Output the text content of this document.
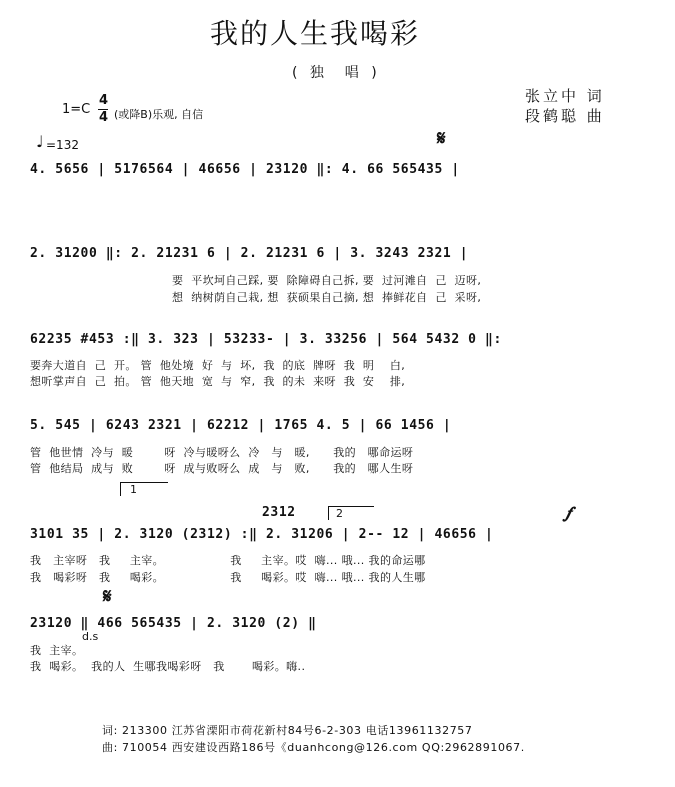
我的人生我喝彩
( 独  唱 )
张立中 词
段鹤聪 曲
1=C
4
4 (或降B)乐观, 自信
♩ =132	𝄋
4. 5656 | 5176564 | 46656 | 23120 ‖: 4. 66 565435 |
2. 31200 ‖: 2. 21231 6 | 2. 21231 6 | 3. 3243 2321 |
要  平坎坷自己踩, 要  除障碍自己拆, 要  过河滩自  己  迈呀,
想  纳树荫自己栽, 想  获硕果自己摘, 想  捧鲜花自  己  采呀,
62235 #453 :‖ 3. 323 | 53233- | 3. 33256 | 564 5432 0 ‖:
要奔大道自  己  开。 管  他处境  好  与  坏,  我  的底  牌呀  我  明    白,
想听掌声自  己  拍。 管  他天地  宽  与  窄,  我  的未  来呀  我  安    排,
5. 545 | 6243 2321 | 62212 | 1765 4. 5 | 66 1456 |
管  他世情  冷与  暖        呀  冷与暖呀么  冷   与   暖,      我的   哪命运呀
管  他结局  成与  败        呀  成与败呀么  成   与   败,      我的   哪人生呀
1
2
2312	𝆑
3101 35 | 2. 3120 (2312) :‖ 2. 31206 | 2-- 12 | 46656 |
我   主宰呀   我     主宰。                 我     主宰。哎  嗨... 哦... 我的命运哪
我   喝彩呀   我     喝彩。                 我     喝彩。哎  嗨... 哦... 我的人生哪
𝄋
23120 ‖ 466 565435 | 2. 3120 (2) ‖
d.s
我  主宰。
我  喝彩。  我的人  生哪我喝彩呀   我       喝彩。嗨..
词: 213300 江苏省溧阳市荷花新村84号6-2-303 电话13961132757
曲: 710054 西安建设西路186号《duanhcong@126.com QQ:2962891067.
